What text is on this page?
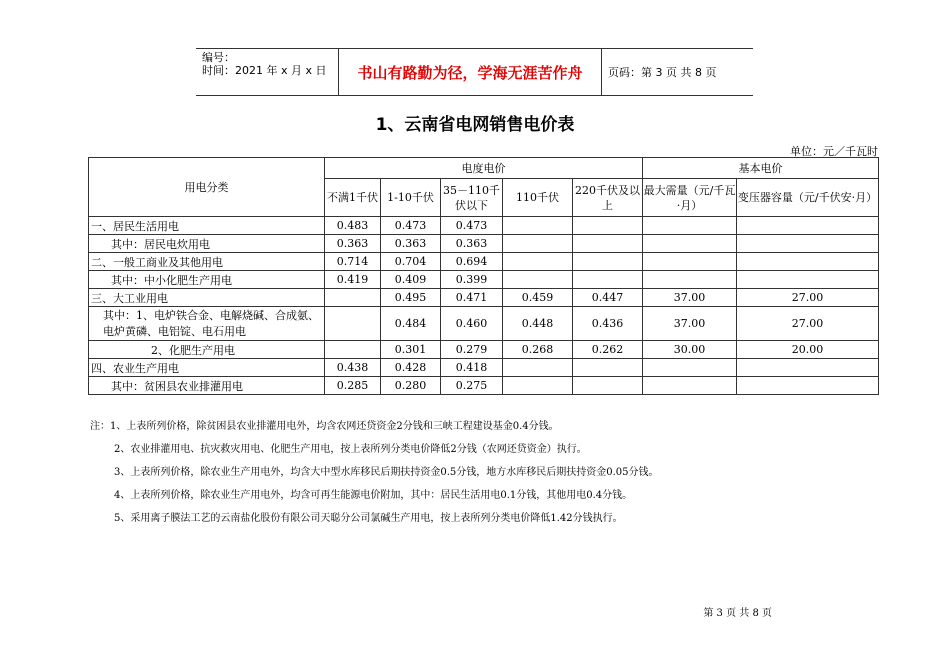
编号：
时间：2021 年 x 月 x 日	书山有路勤为径，学海无涯苦作舟	页码：第 3 页 共 8 页
1、云南省电网销售电价表
单位：元／千瓦时
用电分类	电度电价					基本电价	
	不满1千伏	1-10千伏	35－110千伏以下	110千伏	220千伏及以上	最大需量（元/千瓦·月）	变压器容量（元/千伏安·月）
一、居民生活用电	0.483	0.473	0.473				
其中：居民电炊用电	0.363	0.363	0.363				
二、一般工商业及其他用电	0.714	0.704	0.694				
其中：中小化肥生产用电	0.419	0.409	0.399				
三、大工业用电		0.495	0.471	0.459	0.447	37.00	27.00
其中：1、电炉铁合金、电解烧碱、合成氨、电炉黄磷、电铝锭、电石用电		0.484	0.460	0.448	0.436	37.00	27.00
2、化肥生产用电		0.301	0.279	0.268	0.262	30.00	20.00
四、农业生产用电	0.438	0.428	0.418				
其中：贫困县农业排灌用电	0.285	0.280	0.275				
注：1、上表所列价格，除贫困县农业排灌用电外，均含农网还贷资金2分钱和三峡工程建设基金0.4分钱。
2、农业排灌用电、抗灾救灾用电、化肥生产用电，按上表所列分类电价降低2分钱（农网还贷资金）执行。
3、上表所列价格，除农业生产用电外，均含大中型水库移民后期扶持资金0.5分钱，地方水库移民后期扶持资金0.05分钱。
4、上表所列价格，除农业生产用电外，均含可再生能源电价附加，其中：居民生活用电0.1分钱，其他用电0.4分钱。
5、采用离子膜法工艺的云南盐化股份有限公司天聪分公司氯碱生产用电，按上表所列分类电价降低1.42分钱执行。
第 3 页 共 8 页
